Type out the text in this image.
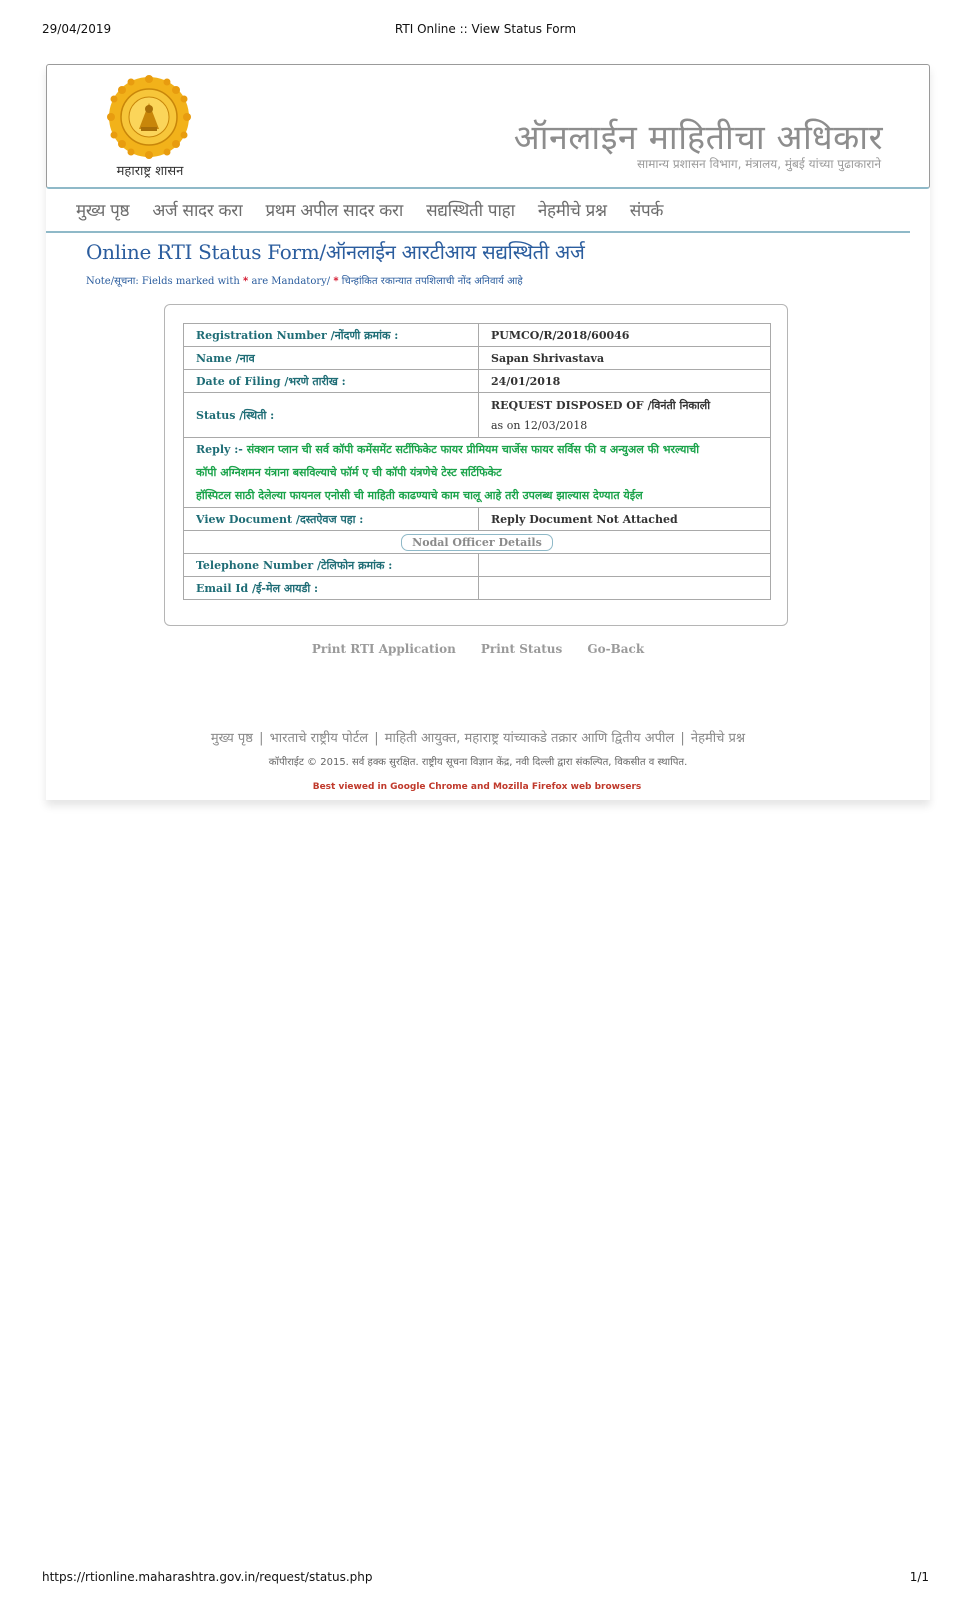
29/04/2019	RTI Online :: View Status Form
महाराष्ट्र शासन
ऑनलाईन माहितीचा अधिकार
सामान्य प्रशासन विभाग, मंत्रालय, मुंबई यांच्या पुढाकाराने
मुख्य पृष्ठ अर्ज सादर करा प्रथम अपील सादर करा सद्यस्थिती पाहा नेहमीचे प्रश्न संपर्क
Online RTI Status Form/ऑनलाईन आरटीआय सद्यस्थिती अर्ज
Note/सूचना: Fields marked with * are Mandatory/ * चिन्हांकित रकान्यात तपशिलाची नोंद अनिवार्य आहे
Registration Number /नोंदणी क्रमांक :	PUMCO/R/2018/60046
Name /नाव	Sapan Shrivastava
Date of Filing /भरणे तारीख :	24/01/2018
Status /स्थिती :	REQUEST DISPOSED OF /विनंती निकाली
as on 12/03/2018

Reply :- संक्शन प्लान ची सर्व कॉपी कमेंसमेंट सर्टीफिकेट फायर प्रीमियम चार्जेस फायर सर्विस फी व अन्युअल फी भरल्याची
कॉपी अग्निशमन यंत्राना बसविल्याचे फॉर्म ए ची कॉपी यंत्रणेचे टेस्ट सर्टिफिकेट
हॉस्पिटल साठी देलेल्या फायनल एनोसी ची माहिती काढण्याचे काम चालू आहे तरी उपलब्ध झाल्यास देण्यात येईल	

View Document /दस्तऐवज पहा :	Reply Document Not Attached
Nodal Officer Details	
Telephone Number /टेलिफोन क्रमांक :	
Email Id /ई-मेल आयडी :	
Print RTI Application Print Status Go-Back
मुख्य पृष्ठ | भारताचे राष्ट्रीय पोर्टल | माहिती आयुक्त, महाराष्ट्र यांच्याकडे तक्रार आणि द्वितीय अपील | नेहमीचे प्रश्न
कॉपीराईट © 2015. सर्व हक्क सुरक्षित. राष्ट्रीय सूचना विज्ञान केंद्र, नवी दिल्ली द्वारा संकल्पित, विकसीत व स्थापित.
Best viewed in Google Chrome and Mozilla Firefox web browsers
https://rtionline.maharashtra.gov.in/request/status.php	1/1
